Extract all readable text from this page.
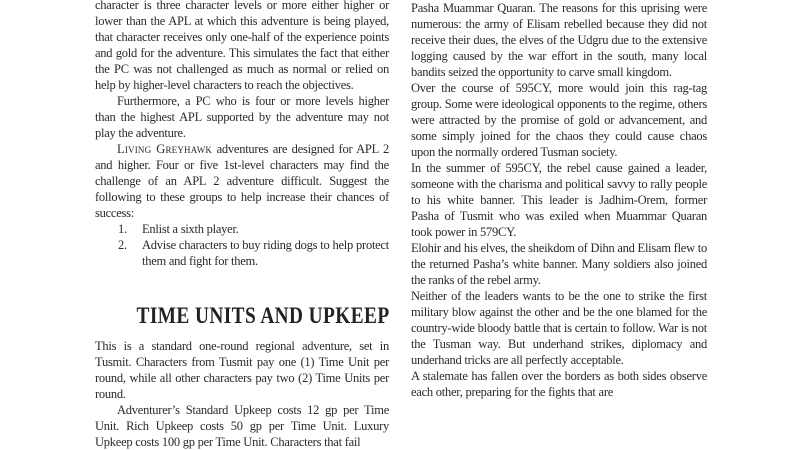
character is three character levels or more either higher or lower than the APL at which this adventure is being played, that character receives only one-half of the experience points and gold for the adventure. This simulates the fact that either the PC was not challenged as much as normal or relied on help by higher-level characters to reach the objectives.

Furthermore, a PC who is four or more levels higher than the highest APL supported by the adventure may not play the adventure.

Living Greyhawk adventures are designed for APL 2 and higher. Four or five 1st-level characters may find the challenge of an APL 2 adventure difficult. Suggest the following to these groups to help increase their chances of success:

1.	Enlist a sixth player.
2.	Advise characters to buy riding dogs to help protect them and fight for them.
TIME UNITS AND UPKEEP

This is a standard one-round regional adventure, set in Tusmit. Characters from Tusmit pay one (1) Time Unit per round, while all other characters pay two (2) Time Units per round.

Adventurer’s Standard Upkeep costs 12 gp per Time Unit. Rich Upkeep costs 50 gp per Time Unit. Luxury Upkeep costs 100 gp per Time Unit. Characters that fail

Pasha Muammar Quaran. The reasons for this uprising were numerous: the army of Elisam rebelled because they did not receive their dues, the elves of the Udgru due to the extensive logging caused by the war effort in the south, many local bandits seized the opportunity to carve small kingdom.

Over the course of 595CY, more would join this rag-tag group. Some were ideological opponents to the regime, others were attracted by the promise of gold or advancement, and some simply joined for the chaos they could cause chaos upon the normally ordered Tusman society.

In the summer of 595CY, the rebel cause gained a leader, someone with the charisma and political savvy to rally people to his white banner. This leader is Jadhim-Orem, former Pasha of Tusmit who was exiled when Muammar Quaran took power in 579CY.

Elohir and his elves, the sheikdom of Dihn and Elisam flew to the returned Pasha’s white banner. Many soldiers also joined the ranks of the rebel army.

Neither of the leaders wants to be the one to strike the first military blow against the other and be the one blamed for the country-wide bloody battle that is certain to follow. War is not the Tusman way. But underhand strikes, diplomacy and underhand tricks are all perfectly acceptable.

A stalemate has fallen over the borders as both sides observe each other, preparing for the fights that are
